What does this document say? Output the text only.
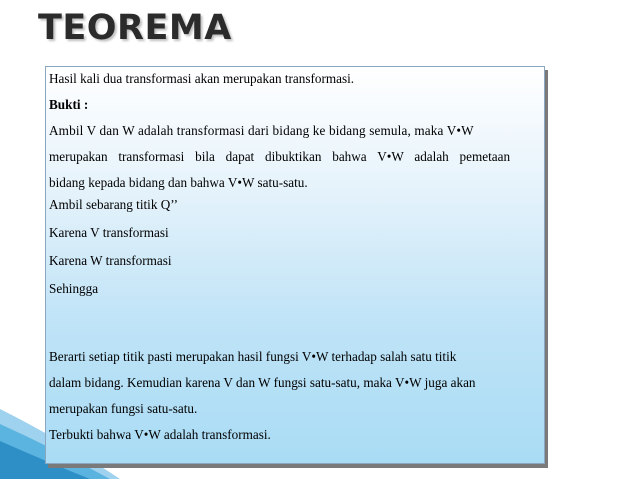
TEOREMA
Hasil kali dua transformasi akan merupakan transformasi.
Bukti :
Ambil V dan W adalah transformasi dari bidang ke bidang semula, maka V•W
merupakan transformasi bila dapat dibuktikan bahwa V•W adalah pemetaan
bidang kepada bidang dan bahwa V•W satu-satu.
Ambil sebarang titik Q’’
Karena V transformasi
Karena W transformasi
Sehingga
Berarti setiap titik pasti merupakan hasil fungsi V•W terhadap salah satu titik
dalam bidang. Kemudian karena V dan W fungsi satu-satu, maka V•W juga akan
merupakan fungsi satu-satu.
Terbukti bahwa V•W adalah transformasi.
